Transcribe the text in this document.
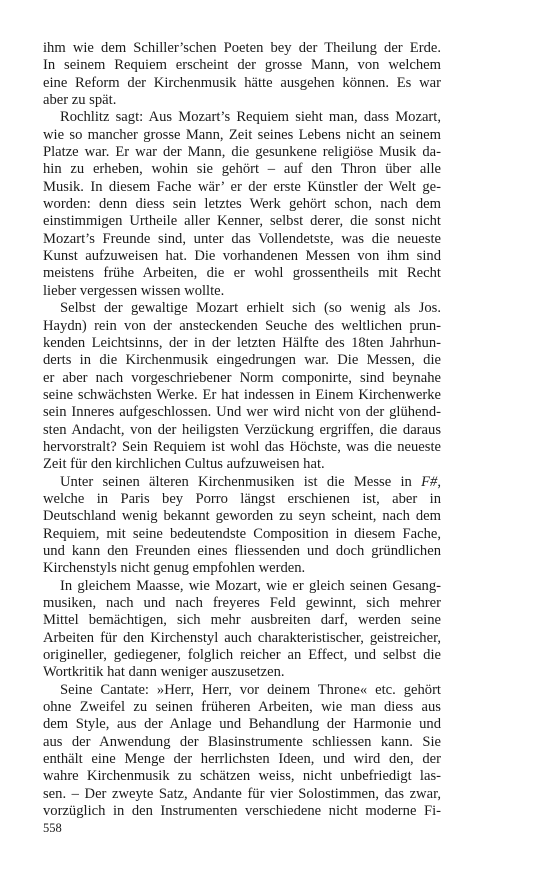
ihm wie dem Schiller’schen Poeten bey der Theilung der Erde.
In seinem Requiem erscheint der grosse Mann, von welchem
eine Reform der Kirchenmusik hätte ausgehen können. Es war
aber zu spät.
Rochlitz sagt: Aus Mozart’s Requiem sieht man, dass Mozart,
wie so mancher grosse Mann, Zeit seines Lebens nicht an seinem
Platze war. Er war der Mann, die gesunkene religiöse Musik da-
hin zu erheben, wohin sie gehört – auf den Thron über alle
Musik. In diesem Fache wär’ er der erste Künstler der Welt ge-
worden: denn diess sein letztes Werk gehört schon, nach dem
einstimmigen Urtheile aller Kenner, selbst derer, die sonst nicht
Mozart’s Freunde sind, unter das Vollendetste, was die neueste
Kunst aufzuweisen hat. Die vorhandenen Messen von ihm sind
meistens frühe Arbeiten, die er wohl grossentheils mit Recht
lieber vergessen wissen wollte.
Selbst der gewaltige Mozart erhielt sich (so wenig als Jos.
Haydn) rein von der ansteckenden Seuche des weltlichen prun-
kenden Leichtsinns, der in der letzten Hälfte des 18ten Jahrhun-
derts in die Kirchenmusik eingedrungen war. Die Messen, die
er aber nach vorgeschriebener Norm componirte, sind beynahe
seine schwächsten Werke. Er hat indessen in Einem Kirchenwerke
sein Inneres aufgeschlossen. Und wer wird nicht von der glühend-
sten Andacht, von der heiligsten Verzückung ergriffen, die daraus
hervorstralt? Sein Requiem ist wohl das Höchste, was die neueste
Zeit für den kirchlichen Cultus aufzuweisen hat.
Unter seinen älteren Kirchenmusiken ist die Messe in F#,
welche in Paris bey Porro längst erschienen ist, aber in
Deutschland wenig bekannt geworden zu seyn scheint, nach dem
Requiem, mit seine bedeutendste Composition in diesem Fache,
und kann den Freunden eines fliessenden und doch gründlichen
Kirchenstyls nicht genug empfohlen werden.
In gleichem Maasse, wie Mozart, wie er gleich seinen Gesang-
musiken, nach und nach freyeres Feld gewinnt, sich mehrer
Mittel bemächtigen, sich mehr ausbreiten darf, werden seine
Arbeiten für den Kirchenstyl auch charakteristischer, geistreicher,
origineller, gediegener, folglich reicher an Effect, und selbst die
Wortkritik hat dann weniger auszusetzen.
Seine Cantate: »Herr, Herr, vor deinem Throne« etc. gehört
ohne Zweifel zu seinen früheren Arbeiten, wie man diess aus
dem Style, aus der Anlage und Behandlung der Harmonie und
aus der Anwendung der Blasinstrumente schliessen kann. Sie
enthält eine Menge der herrlichsten Ideen, und wird den, der
wahre Kirchenmusik zu schätzen weiss, nicht unbefriedigt las-
sen. – Der zweyte Satz, Andante für vier Solostimmen, das zwar,
vorzüglich in den Instrumenten verschiedene nicht moderne Fi-
558
